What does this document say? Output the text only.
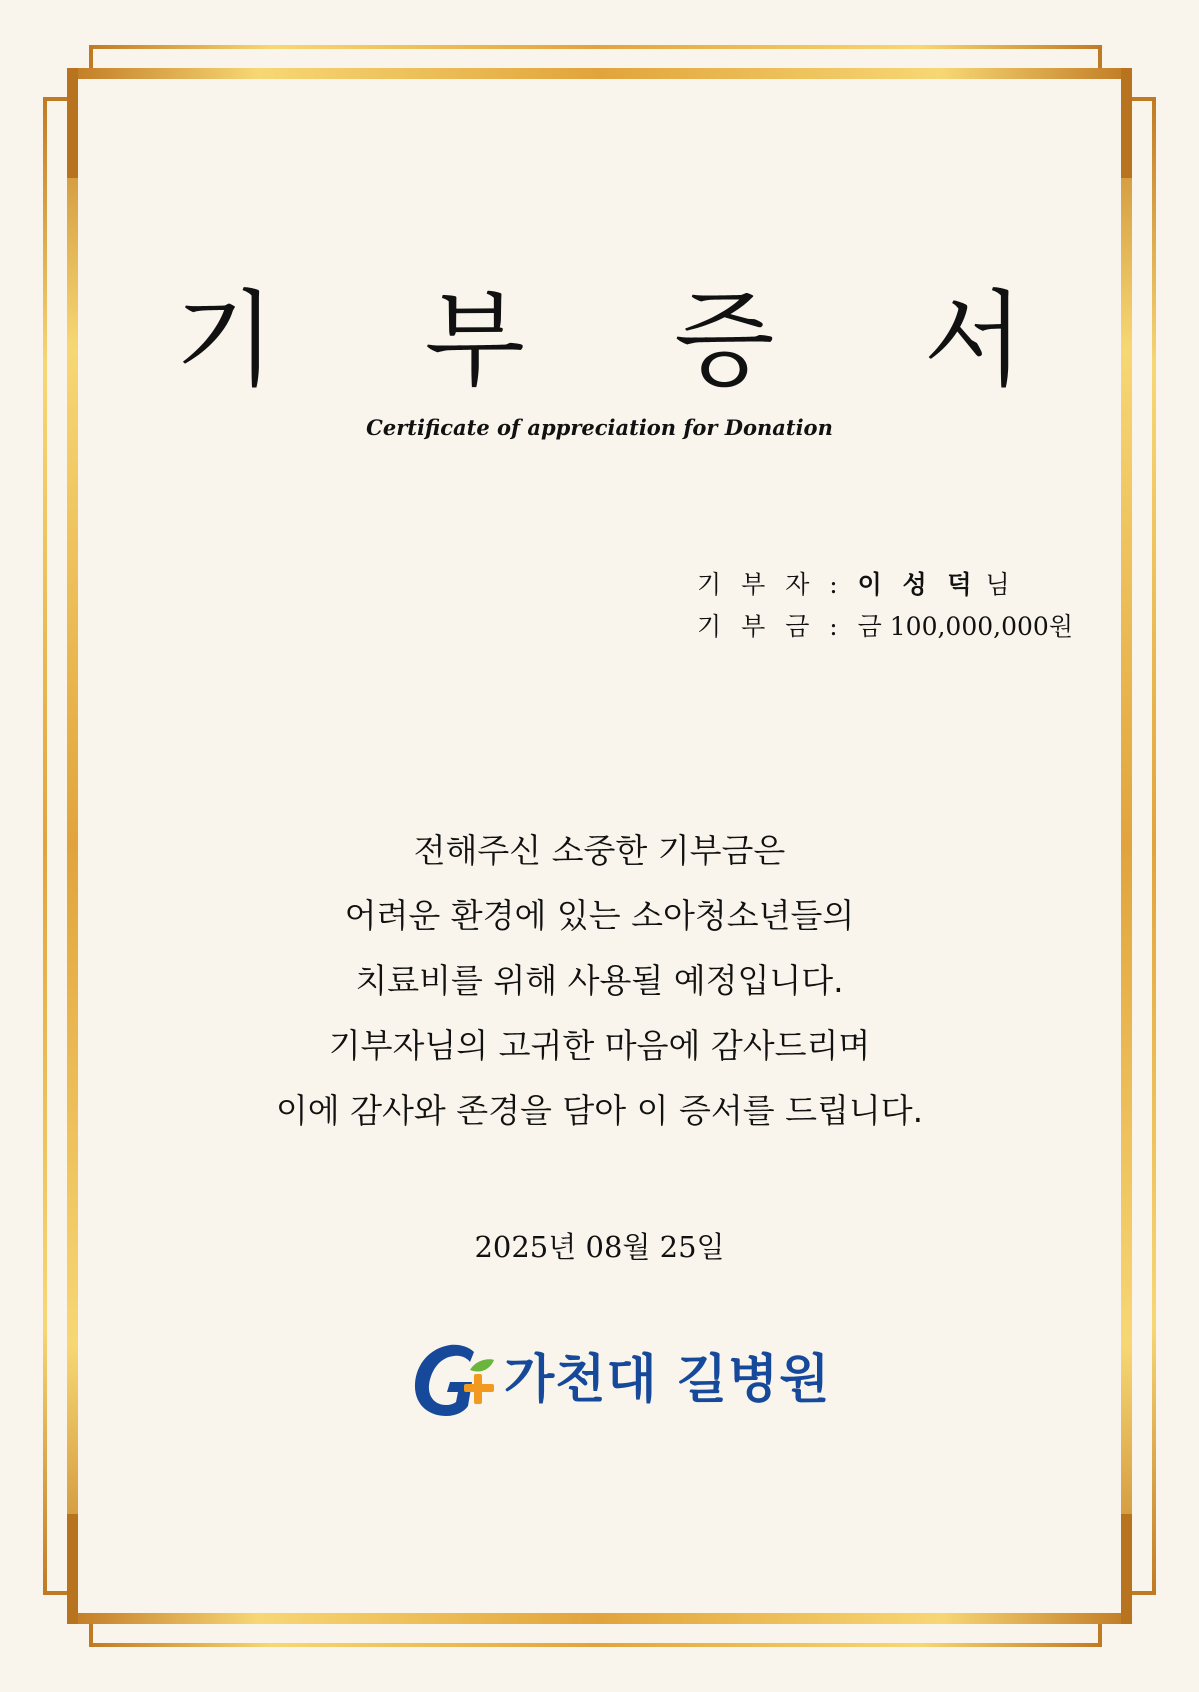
기 부 증 서
Certificate of appreciation for Donation
기 부 자 : 이 성 덕 님
기 부 금 : 금 100,000,000원
전해주신 소중한 기부금은
어려운 환경에 있는 소아청소년들의
치료비를 위해 사용될 예정입니다.
기부자님의 고귀한 마음에 감사드리며
이에 감사와 존경을 담아 이 증서를 드립니다.
2025년 08월 25일
가천대 길병원
